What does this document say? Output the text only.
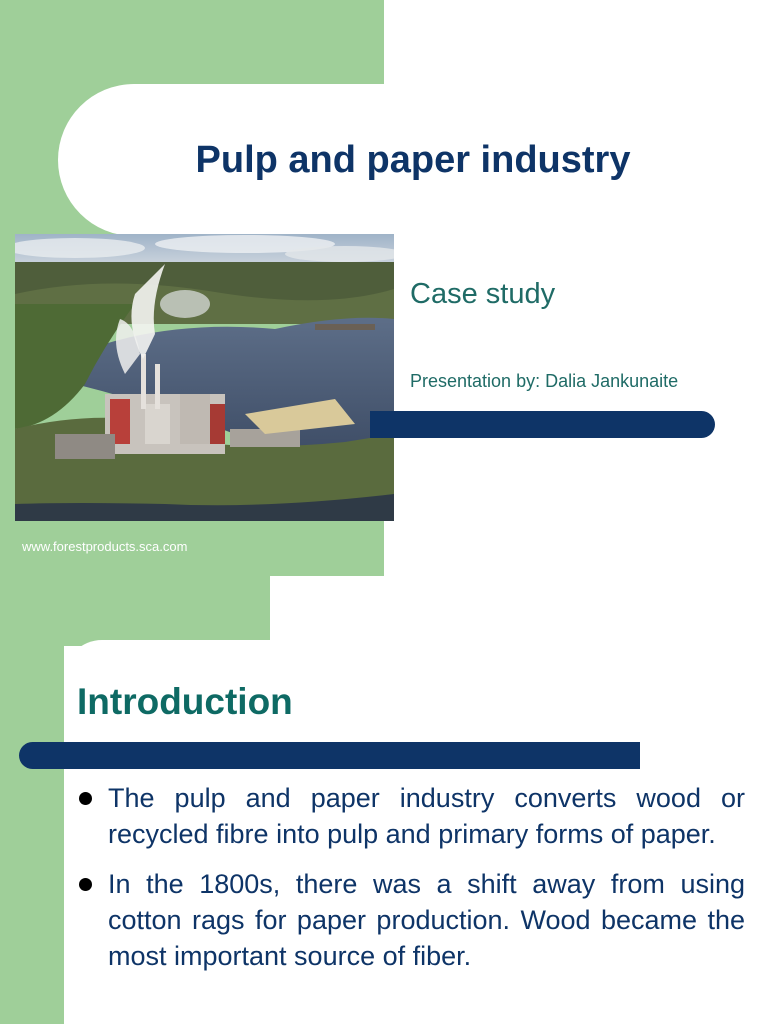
Pulp and paper industry
Case study
Presentation by: Dalia Jankunaite
www.forestproducts.sca.com
Introduction
The pulp and paper industry converts wood or recycled fibre into pulp and primary forms of paper.
In the 1800s, there was a shift away from using cotton rags for paper production. Wood became the most important source of fiber.
